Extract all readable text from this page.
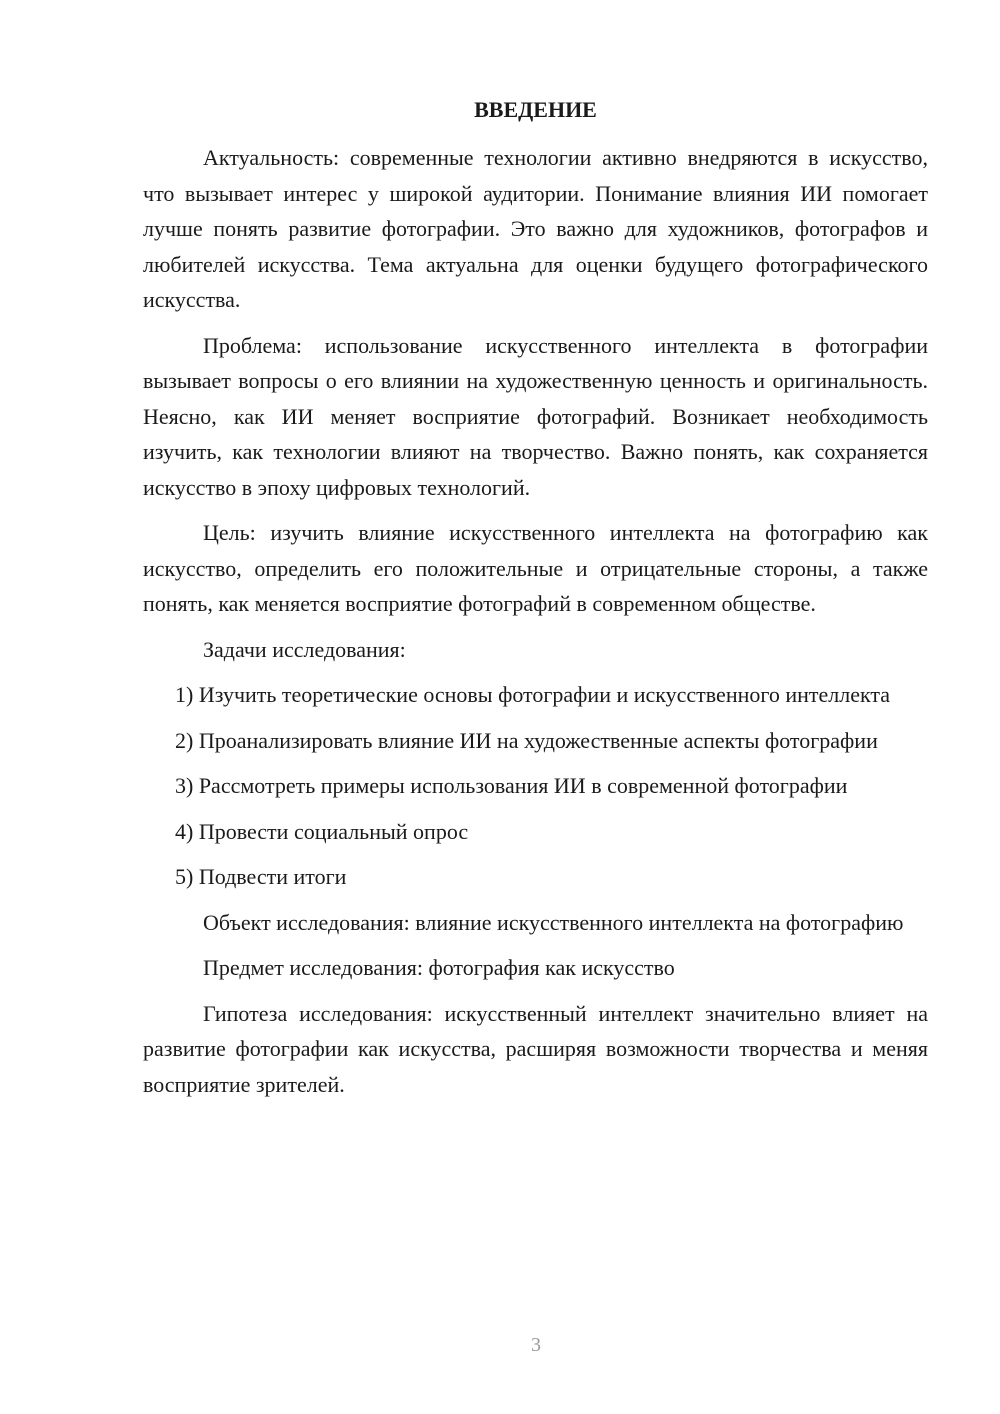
ВВЕДЕНИЕ

Актуальность: современные технологии активно внедряются в искусство, что вызывает интерес у широкой аудитории. Понимание влияния ИИ помогает лучше понять развитие фотографии. Это важно для художников, фотографов и любителей искусства. Тема актуальна для оценки будущего фотографического искусства.

Проблема: использование искусственного интеллекта в фотографии вызывает вопросы о его влиянии на художественную ценность и оригинальность. Неясно, как ИИ меняет восприятие фотографий. Возникает необходимость изучить, как технологии влияют на творчество. Важно понять, как сохраняется искусство в эпоху цифровых технологий.

Цель: изучить влияние искусственного интеллекта на фотографию как искусство, определить его положительные и отрицательные стороны, а также понять, как меняется восприятие фотографий в современном обществе.

Задачи исследования:

1) Изучить теоретические основы фотографии и искусственного интеллекта

2) Проанализировать влияние ИИ на художественные аспекты фотографии

3) Рассмотреть примеры использования ИИ в современной фотографии

4) Провести социальный опрос

5) Подвести итоги

Объект исследования: влияние искусственного интеллекта на фотографию

Предмет исследования: фотография как искусство

Гипотеза исследования: искусственный интеллект значительно влияет на развитие фотографии как искусства, расширяя возможности творчества и меняя восприятие зрителей.

3
